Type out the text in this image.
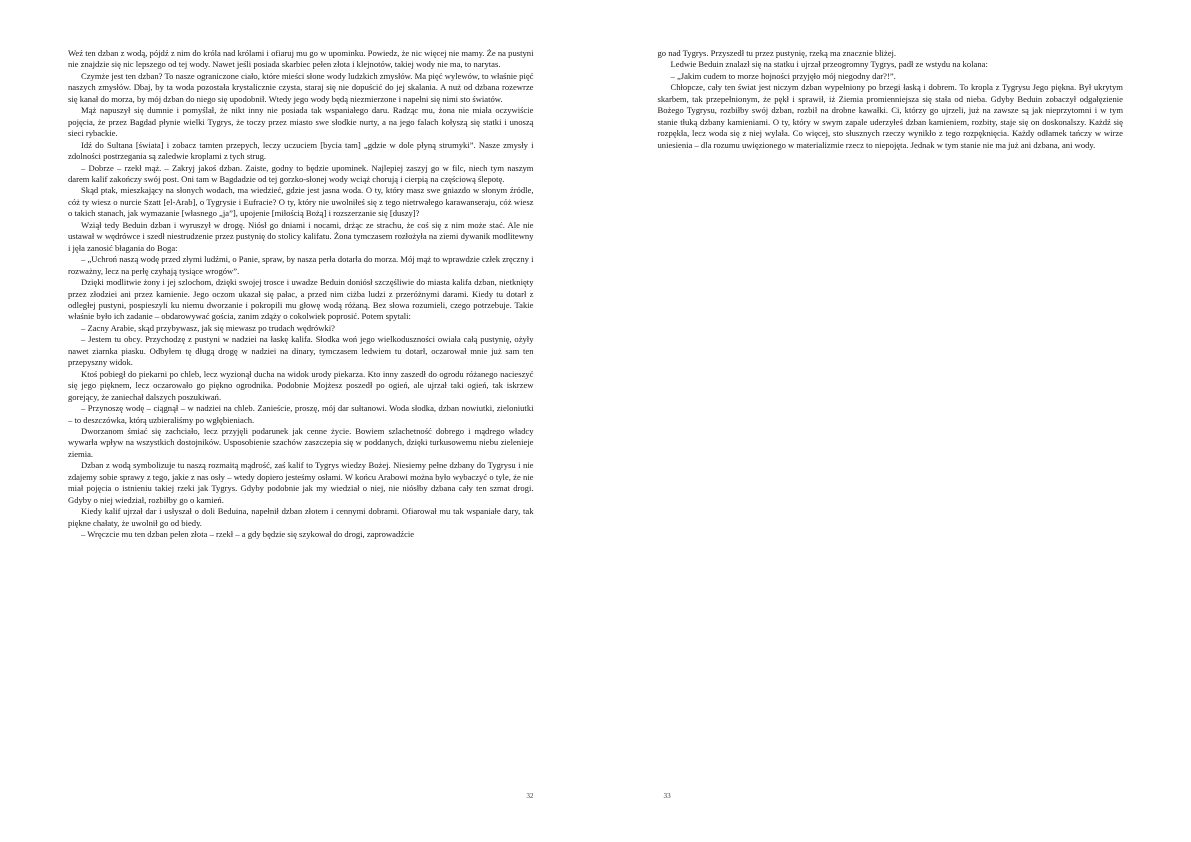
Weź ten dzban z wodą, pójdź z nim do króla nad królami i ofiaruj mu go w upominku. Powiedz, że nic więcej nie mamy. Że na pustyni nie znajdzie się nic lepszego od tej wody. Nawet jeśli posiada skarbiec pełen złota i klejnotów, takiej wody nie ma, to narytas.

Czymże jest ten dzban? To nasze ograniczone ciało, które mieści słone wody ludzkich zmysłów. Ma pięć wylewów, to właśnie pięć naszych zmysłów. Dbaj, by ta woda pozostała krystalicznie czysta, staraj się nie dopuścić do jej skalania. A nuż od dzbana rozewrze się kanał do morza, by mój dzban do niego się upodobnił. Wtedy jego wody będą niezmierzone i napełni się nimi sto światów.

Mąż napuszył się dumnie i pomyślał, że nikt inny nie posiada tak wspaniałego daru. Radząc mu, żona nie miała oczywiście pojęcia, że przez Bagdad płynie wielki Tygrys, że toczy przez miasto swe słodkie nurty, a na jego falach kołyszą się statki i unoszą sieci rybackie.

Idź do Sultana [świata] i zobacz tamten przepych, leczy uczuciem [bycia tam] „gdzie w dole płyną strumyki”. Nasze zmysły i zdolności postrzegania są zaledwie kroplami z tych strug.

– Dobrze – rzekł mąż. – Zakryj jakoś dzban. Zaiste, godny to będzie upominek. Najlepiej zaszyj go w filc, niech tym naszym darem kalif zakończy swój post. Oni tam w Bagdadzie od tej gorzko-słonej wody wciąż chorują i cierpią na częściową ślepotę.

Skąd ptak, mieszkający na słonych wodach, ma wiedzieć, gdzie jest jasna woda. O ty, który masz swe gniazdo w słonym źródle, cóż ty wiesz o nurcie Szatt [el-Arab], o Tygrysie i Eufracie? O ty, który nie uwolniłeś się z tego nietrwałego karawanseraju, cóż wiesz o takich stanach, jak wymazanie [własnego „ja”], upojenie [miłością Bożą] i rozszerzanie się [duszy]?

Wziął tedy Beduin dzban i wyruszył w drogę. Niósł go dniami i nocami, drżąc ze strachu, że coś się z nim może stać. Ale nie ustawał w wędrówce i szedł niestrudzenie przez pustynię do stolicy kalifatu. Żona tymczasem rozłożyła na ziemi dywanik modlitewny i jęła zanosić błagania do Boga:

– „Uchroń naszą wodę przed złymi ludźmi, o Panie, spraw, by nasza perła dotarła do morza. Mój mąż to wprawdzie człek zręczny i rozważny, lecz na perłę czyhają tysiące wrogów”.

Dzięki modlitwie żony i jej szlochom, dzięki swojej trosce i uwadze Beduin doniósł szczęśliwie do miasta kalifa dzban, nietknięty przez złodziei ani przez kamienie. Jego oczom ukazał się pałac, a przed nim ciżba ludzi z przeróżnymi darami. Kiedy tu dotarł z odległej pustyni, pospieszyli ku niemu dworzanie i pokropili mu głowę wodą różaną. Bez słowa rozumieli, czego potrzebuje. Takie właśnie było ich zadanie – obdarowywać gościa, zanim zdąży o cokolwiek poprosić. Potem spytali:

– Zacny Arabie, skąd przybywasz, jak się miewasz po trudach wędrówki?

– Jestem tu obcy. Przychodzę z pustyni w nadziei na łaskę kalifa. Słodka woń jego wielkoduszności owiała całą pustynię, ożyły nawet ziarnka piasku. Odbyłem tę długą drogę w nadziei na dinary, tymczasem ledwiem tu dotarł, oczarował mnie już sam ten przepyszny widok.

Ktoś pobiegł do piekarni po chleb, lecz wyzionął ducha na widok urody piekarza. Kto inny zaszedł do ogrodu różanego nacieszyć się jego pięknem, lecz oczarowało go piękno ogrodnika. Podobnie Mojżesz poszedł po ogień, ale ujrzał taki ogień, tak iskrzew gorejący, że zaniechał dalszych poszukiwań.

– Przynoszę wodę – ciągnął – w nadziei na chleb. Zanieście, proszę, mój dar sułtanowi. Woda słodka, dzban nowiutki, zieloniutki – to deszczówka, którą uzbieraliśmy po wgłębieniach.

Dworzanom śmiać się zachciało, lecz przyjęli podarunek jak cenne życie. Bowiem szlachetność dobrego i mądrego władcy wywarła wpływ na wszystkich dostojników. Usposobienie szachów zaszczepia się w poddanych, dzięki turkusowemu niebu zielenieje ziemia.

Dzban z wodą symbolizuje tu naszą rozmaitą mądrość, zaś kalif to Tygrys wiedzy Bożej. Niesiemy pełne dzbany do Tygrysu i nie zdajemy sobie sprawy z tego, jakie z nas osły – wtedy dopiero jesteśmy osłami. W końcu Arabowi można było wybaczyć o tyle, że nie miał pojęcia o istnieniu takiej rzeki jak Tygrys. Gdyby podobnie jak my wiedział o niej, nie niósłby dzbana cały ten szmat drogi. Gdyby o niej wiedział, rozbiłby go o kamień.

Kiedy kalif ujrzał dar i usłyszał o doli Beduina, napełnił dzban złotem i cennymi dobrami. Ofiarował mu tak wspaniałe dary, tak piękne chałaty, że uwolnił go od biedy.

– Wręczcie mu ten dzban pełen złota – rzekł – a gdy będzie się szykował do drogi, zaprowadźcie

32

go nad Tygrys. Przyszedł tu przez pustynię, rzeką ma znacznie bliżej.

Ledwie Beduin znalazł się na statku i ujrzał przeogromny Tygrys, padł ze wstydu na kolana:

– „Jakim cudem to morze hojności przyjęło mój niegodny dar?!”.

Chłopcze, cały ten świat jest niczym dzban wypełniony po brzegi łaską i dobrem. To kropla z Tygrysu Jego piękna. Był ukrytym skarbem, tak przepełnionym, że pękł i sprawił, iż Ziemia promienniejsza się stała od nieba. Gdyby Beduin zobaczył odgałęzienie Bożego Tygrysu, rozbiłby swój dzban, rozbił na drobne kawałki. Ci, którzy go ujrzeli, już na zawsze są jak nieprzytomni i w tym stanie tłuką dzbany kamieniami. O ty, który w swym zapale uderzyłeś dzban kamieniem, rozbity, staje się on doskonalszy. Każdź się rozpękła, lecz woda się z niej wylała. Co więcej, sto słusznych rzeczy wynikło z tego rozpęknięcia. Każdy odłamek tańczy w wirze uniesienia – dla rozumu uwięzionego w materializmie rzecz to niepojęta. Jednak w tym stanie nie ma już ani dzbana, ani wody.

33
